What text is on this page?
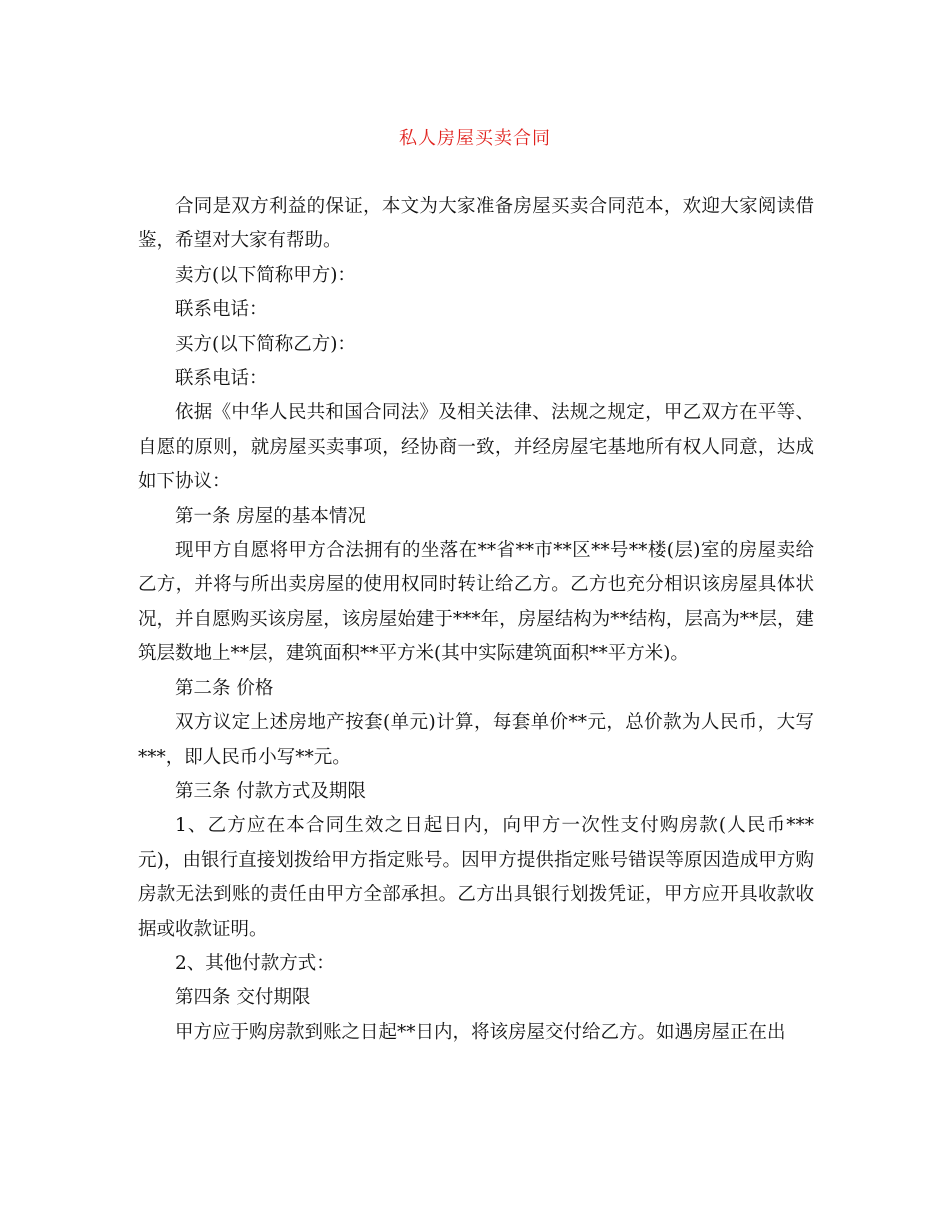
私人房屋买卖合同

合同是双方利益的保证，本文为大家准备房屋买卖合同范本，欢迎大家阅读借鉴，希望对大家有帮助。

卖方(以下简称甲方)：

联系电话：

买方(以下简称乙方)：

联系电话：

依据《中华人民共和国合同法》及相关法律、法规之规定，甲乙双方在平等、自愿的原则，就房屋买卖事项，经协商一致，并经房屋宅基地所有权人同意，达成如下协议：

第一条 房屋的基本情况

现甲方自愿将甲方合法拥有的坐落在**省**市**区**号**楼(层)室的房屋卖给乙方，并将与所出卖房屋的使用权同时转让给乙方。乙方也充分相识该房屋具体状况，并自愿购买该房屋，该房屋始建于***年，房屋结构为**结构，层高为**层，建筑层数地上**层，建筑面积**平方米(其中实际建筑面积**平方米)。

第二条 价格

双方议定上述房地产按套(单元)计算，每套单价**元，总价款为人民币，大写***，即人民币小写**元。

第三条 付款方式及期限

1、乙方应在本合同生效之日起日内，向甲方一次性支付购房款(人民币***元)，由银行直接划拨给甲方指定账号。因甲方提供指定账号错误等原因造成甲方购房款无法到账的责任由甲方全部承担。乙方出具银行划拨凭证，甲方应开具收款收据或收款证明。

2、其他付款方式：

第四条 交付期限

甲方应于购房款到账之日起**日内，将该房屋交付给乙方。如遇房屋正在出
